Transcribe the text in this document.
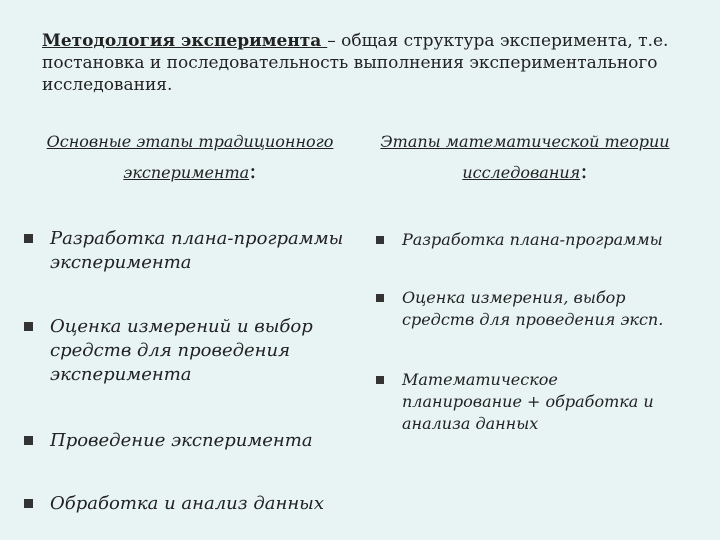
Методология эксперимента – общая структура эксперимента, т.е. постановка и последовательность выполнения экспериментального исследования.
Основные этапы традиционного
эксперимента:
Этапы математической теории
исследования:
Разработка плана-программы эксперимента
Оценка измерений и выбор средств для проведения эксперимента
Проведение эксперимента
Обработка и анализ данных
Разработка плана-программы
Оценка измерения, выбор средств для проведения эксп.
Математическое планирование + обработка и анализа данных
